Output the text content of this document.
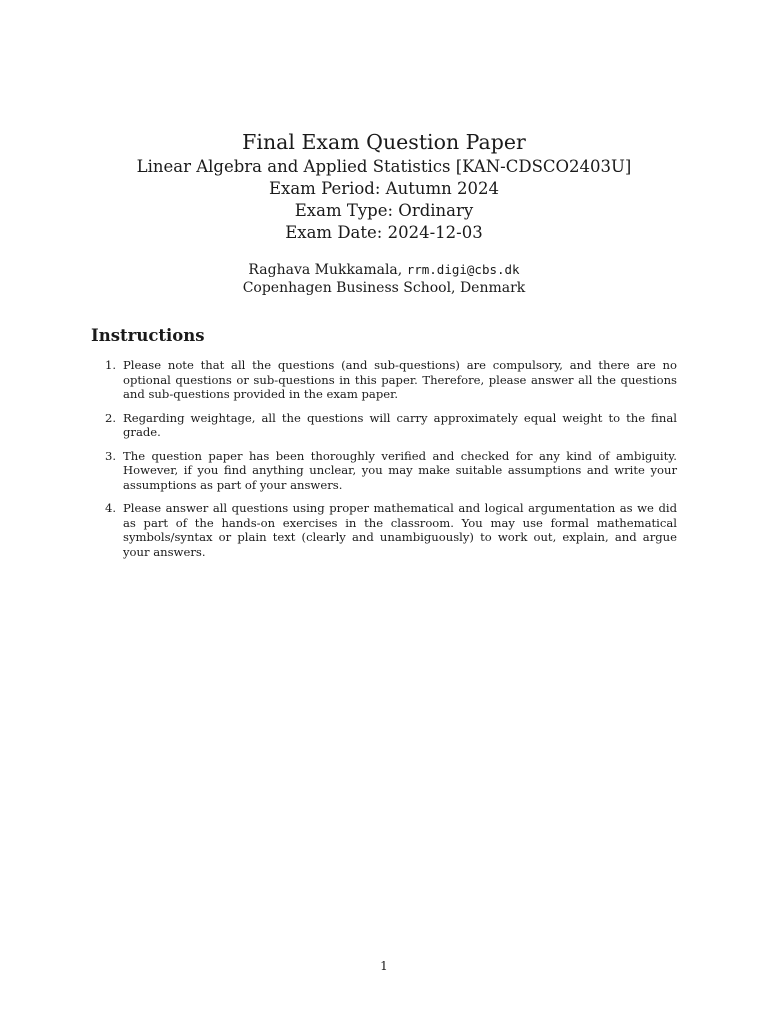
Final Exam Question Paper

Linear Algebra and Applied Statistics [KAN-CDSCO2403U]

Exam Period: Autumn 2024

Exam Type: Ordinary

Exam Date: 2024-12-03

Raghava Mukkamala, rrm.digi@cbs.dk
Copenhagen Business School, Denmark
Instructions
1. Please note that all the questions (and sub-questions) are compulsory, and there are no optional questions or sub-questions in this paper. Therefore, please answer all the questions and sub-questions provided in the exam paper.
2. Regarding weightage, all the questions will carry approximately equal weight to the final grade.
3. The question paper has been thoroughly verified and checked for any kind of ambiguity. However, if you find anything unclear, you may make suitable assumptions and write your assumptions as part of your answers.
4. Please answer all questions using proper mathematical and logical argumentation as we did as part of the hands-on exercises in the classroom. You may use formal mathematical symbols/syntax or plain text (clearly and unambiguously) to work out, explain, and argue your answers.
1
